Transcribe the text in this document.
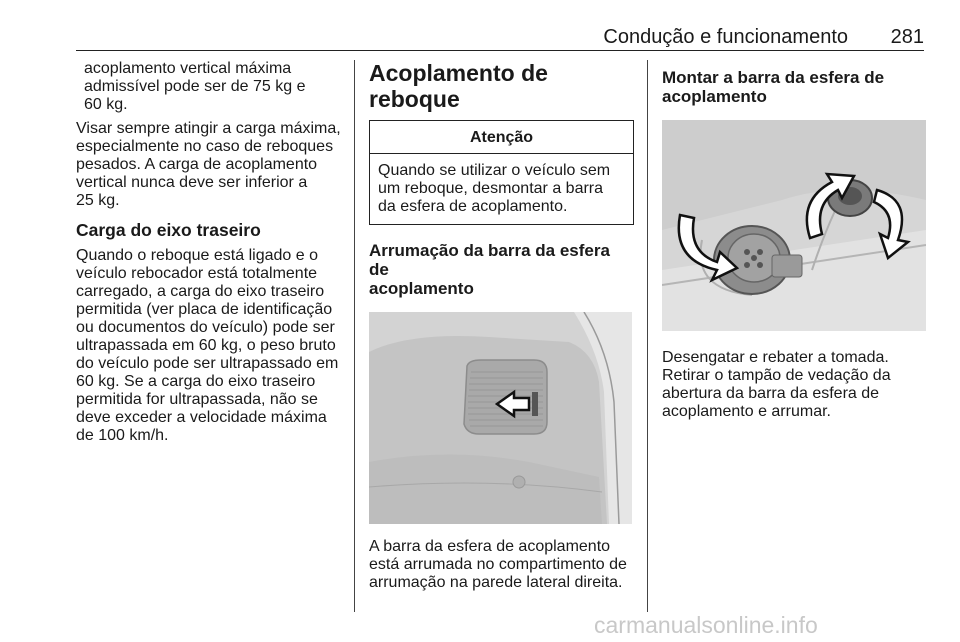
Condução e funcionamento 281

acoplamento vertical máxima

admissível pode ser de 75 kg e

60 kg.

Visar sempre atingir a carga máxima,

especialmente no caso de reboques

pesados. A carga de acoplamento

vertical nunca deve ser inferior a

25 kg.

Carga do eixo traseiro

Quando o reboque está ligado e o

veículo rebocador está totalmente

carregado, a carga do eixo traseiro

permitida (ver placa de identificação

ou documentos do veículo) pode ser

ultrapassada em 60 kg, o peso bruto

do veículo pode ser ultrapassado em

60 kg. Se a carga do eixo traseiro

permitida for ultrapassada, não se

deve exceder a velocidade máxima

de 100 km/h.

Acoplamento de reboque
Atenção

Quando se utilizar o veículo sem

um reboque, desmontar a barra

da esfera de acoplamento.

Arrumação da barra da esfera de

acoplamento

A barra da esfera de acoplamento

está arrumada no compartimento de

arrumação na parede lateral direita.

Montar a barra da esfera de

acoplamento

Desengatar e rebater a tomada.

Retirar o tampão de vedação da

abertura da barra da esfera de

acoplamento e arrumar.

carmanualsonline.info
